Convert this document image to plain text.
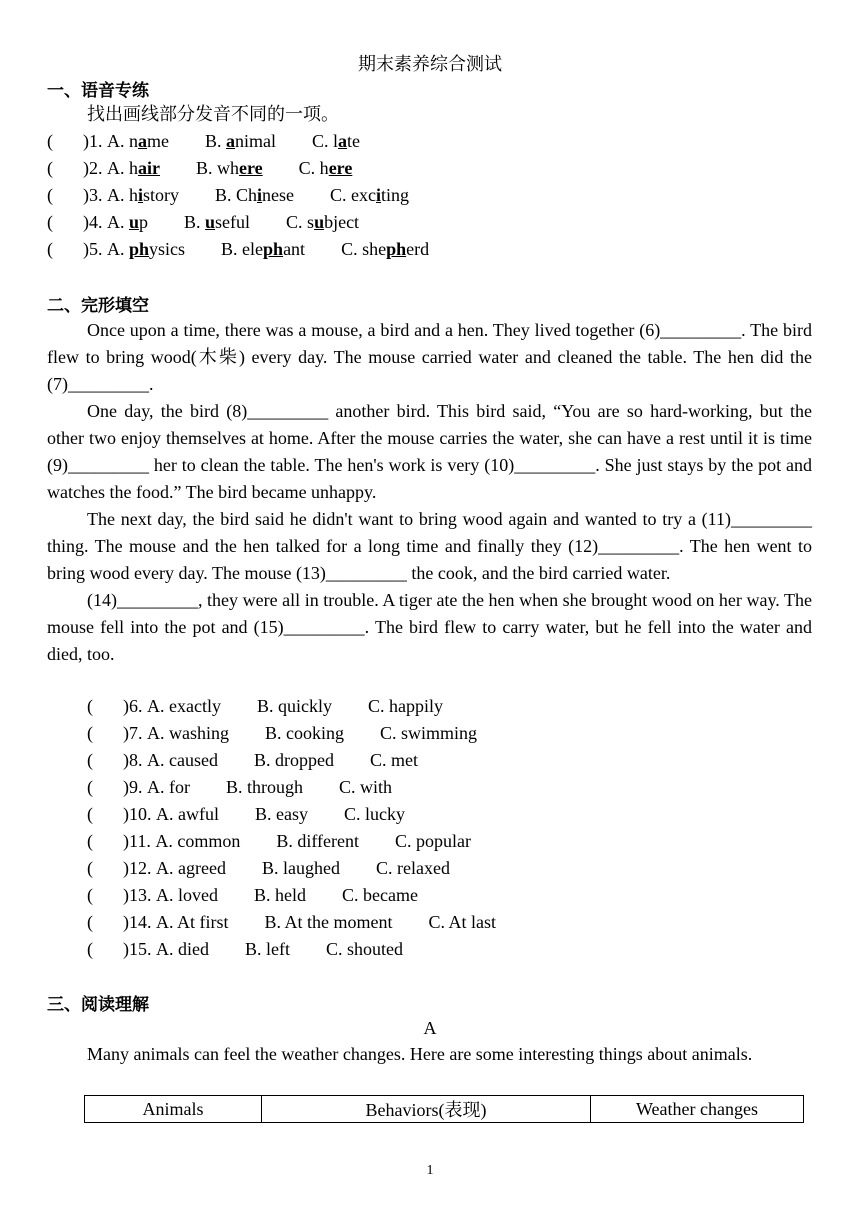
期末素养综合测试
一、语音专练
找出画线部分发音不同的一项。
( )1. A. name B. animal C. late
( )2. A. hair B. where C. here
( )3. A. history B. Chinese C. exciting
( )4. A. up B. useful C. subject
( )5. A. physics B. elephant C. shepherd
二、完形填空

Once upon a time, there was a mouse, a bird and a hen. They lived together (6)_________. The bird flew to bring wood(木柴) every day. The mouse carried water and cleaned the table. The hen did the (7)_________.

One day, the bird (8)_________ another bird. This bird said, “You are so hard-working, but the other two enjoy themselves at home. After the mouse carries the water, she can have a rest until it is time (9)_________ her to clean the table. The hen's work is very (10)_________. She just stays by the pot and watches the food.” The bird became unhappy.

The next day, the bird said he didn't want to bring wood again and wanted to try a (11)_________ thing. The mouse and the hen talked for a long time and finally they (12)_________. The hen went to bring wood every day. The mouse (13)_________ the cook, and the bird carried water.

(14)_________, they were all in trouble. A tiger ate the hen when she brought wood on her way. The mouse fell into the pot and (15)_________. The bird flew to carry water, but he fell into the water and died, too.

( )6. A. exactly B. quickly C. happily
( )7. A. washing B. cooking C. swimming
( )8. A. caused B. dropped C. met
( )9. A. for B. through C. with
( )10. A. awful B. easy C. lucky
( )11. A. common B. different C. popular
( )12. A. agreed B. laughed C. relaxed
( )13. A. loved B. held C. became
( )14. A. At first B. At the moment C. At last
( )15. A. died B. left C. shouted
三、阅读理解
A

Many animals can feel the weather changes. Here are some interesting things about animals.

Animals	Behaviors(表现)	Weather changes
1
